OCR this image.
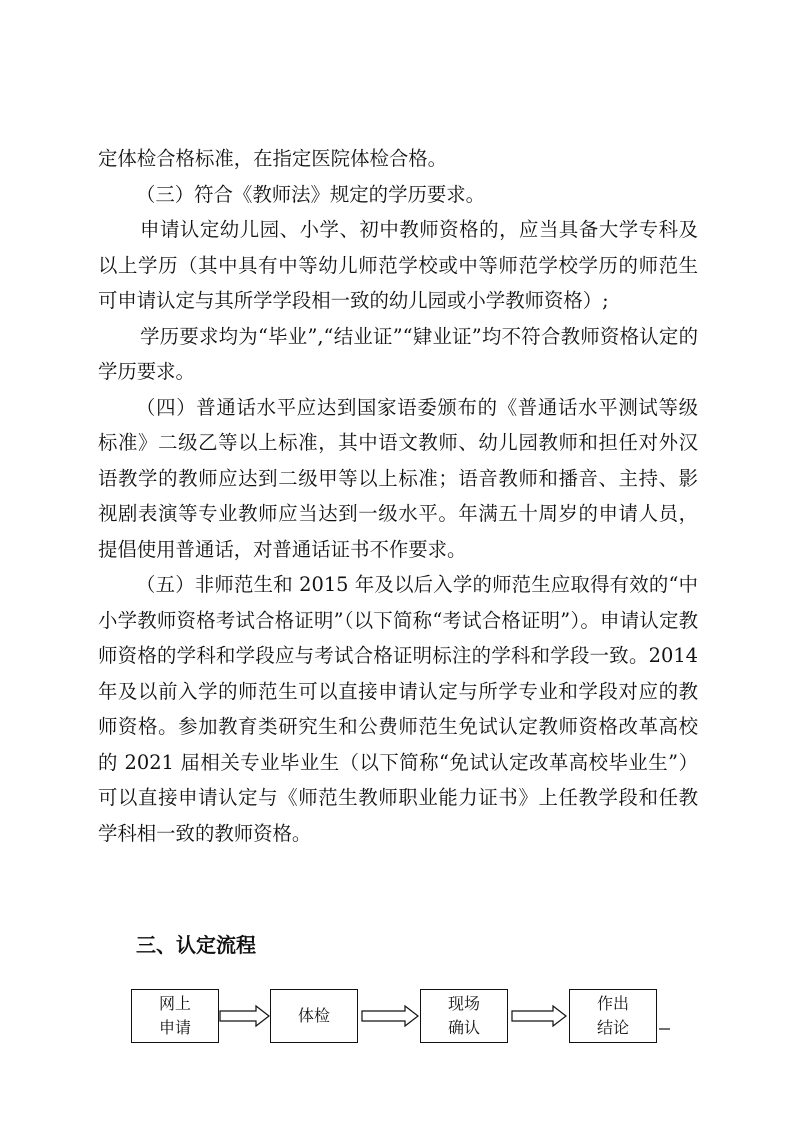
定体检合格标准，在指定医院体检合格。

（三）符合《教师法》规定的学历要求。

申请认定幼儿园、小学、初中教师资格的，应当具备大学专科及以上学历（其中具有中等幼儿师范学校或中等师范学校学历的师范生可申请认定与其所学学段相一致的幼儿园或小学教师资格）;

学历要求均为“毕业”,“结业证”“肄业证”均不符合教师资格认定的学历要求。

（四）普通话水平应达到国家语委颁布的《普通话水平测试等级标准》二级乙等以上标准，其中语文教师、幼儿园教师和担任对外汉语教学的教师应达到二级甲等以上标准；语音教师和播音、主持、影视剧表演等专业教师应当达到一级水平。年满五十周岁的申请人员，提倡使用普通话，对普通话证书不作要求。

（五）非师范生和 2015 年及以后入学的师范生应取得有效的“中小学教师资格考试合格证明”（以下简称“考试合格证明”）。申请认定教师资格的学科和学段应与考试合格证明标注的学科和学段一致。2014 年及以前入学的师范生可以直接申请认定与所学专业和学段对应的教师资格。参加教育类研究生和公费师范生免试认定教师资格改革高校的 2021 届相关专业毕业生（以下简称“免试认定改革高校毕业生”）可以直接申请认定与《师范生教师职业能力证书》上任教学段和任教学科相一致的教师资格。

三、认定流程
网上
申请
体检
现场
确认
作出
结论
